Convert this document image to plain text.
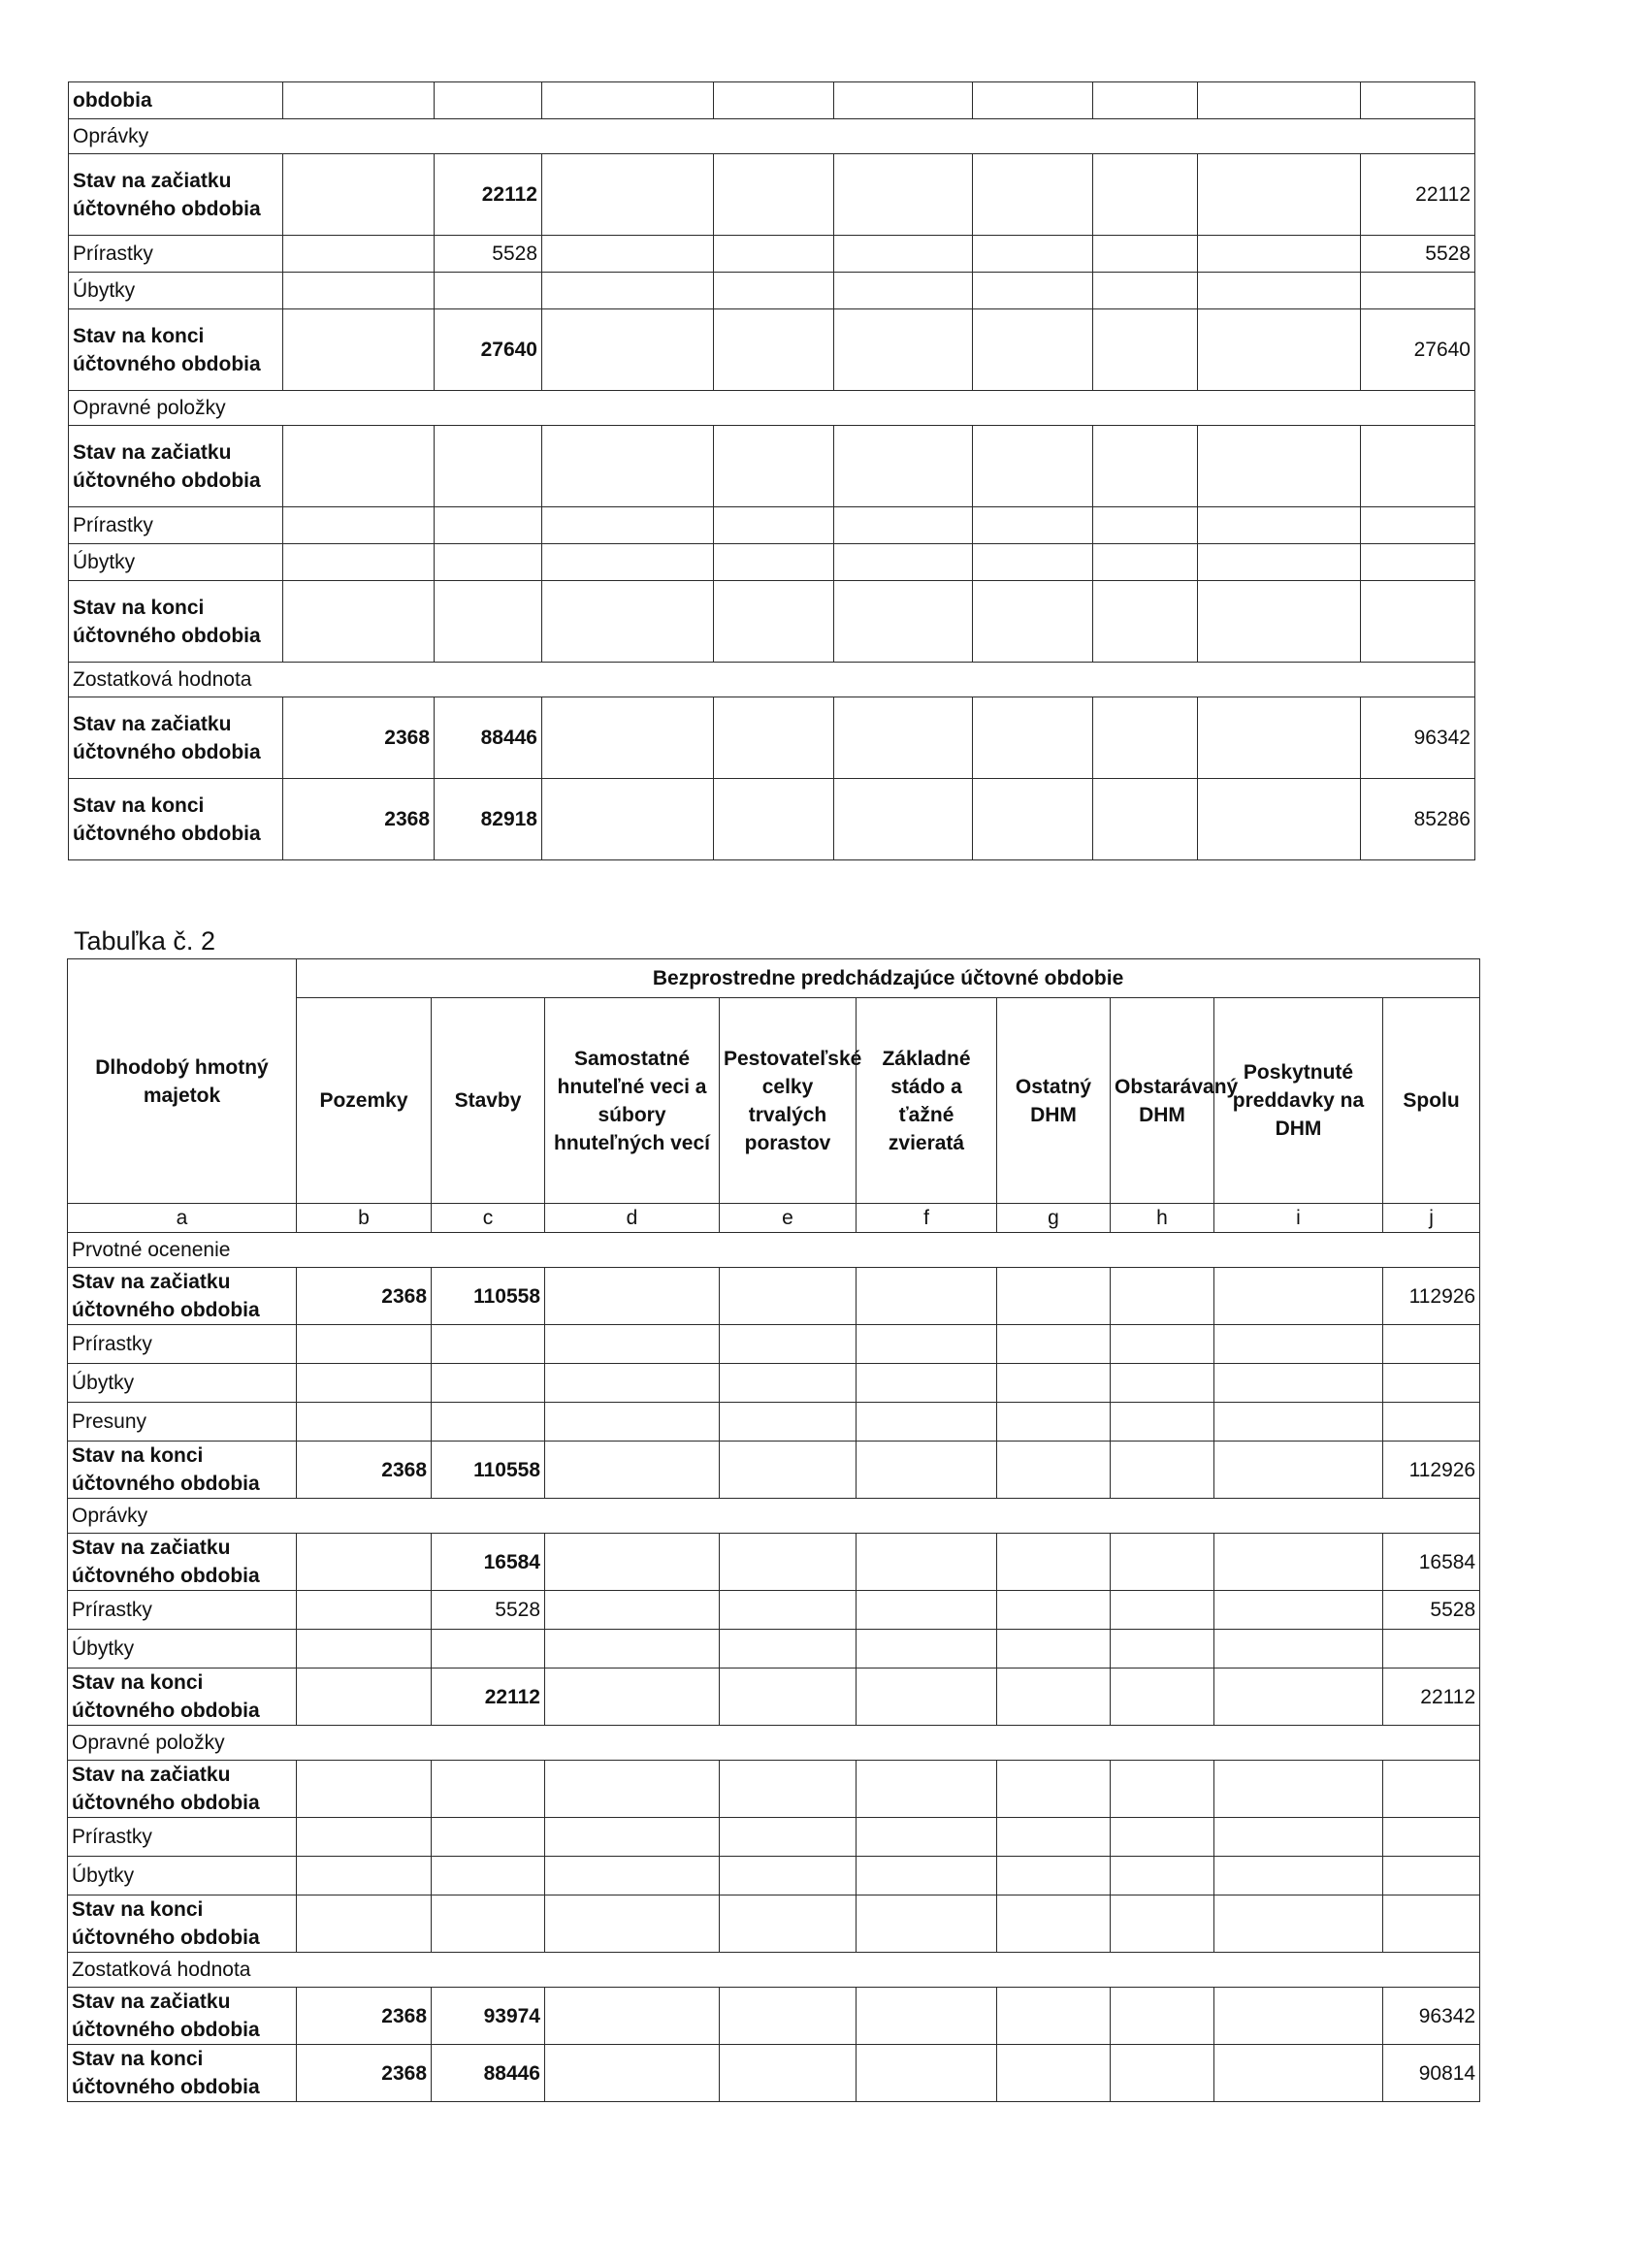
obdobia									
Oprávky									
Stav na začiatku účtovného obdobia		22112							22112
Prírastky		5528							5528
Úbytky									
Stav na konci účtovného obdobia		27640							27640
Opravné položky									
Stav na začiatku účtovného obdobia									
Prírastky									
Úbytky									
Stav na konci účtovného obdobia									
Zostatková hodnota									
Stav na začiatku účtovného obdobia	2368	88446							96342
Stav na konci účtovného obdobia	2368	82918							85286
Tabuľka č. 2
Dlhodobý hmotný majetok	Bezprostredne predchádzajúce účtovné obdobie								
	Pozemky	Stavby	Samostatné hnuteľné veci a súbory hnuteľných vecí	Pestovateľské celky trvalých porastov	Základné stádo a ťažné zvieratá	Ostatný DHM	Obstarávaný DHM	Poskytnuté preddavky na DHM	Spolu
a	b	c	d	e	f	g	h	i	j
Prvotné ocenenie									
Stav na začiatku účtovného obdobia	2368	110558							112926
Prírastky									
Úbytky									
Presuny									
Stav na konci účtovného obdobia	2368	110558							112926
Oprávky									
Stav na začiatku účtovného obdobia		16584							16584
Prírastky		5528							5528
Úbytky									
Stav na konci účtovného obdobia		22112							22112
Opravné položky									
Stav na začiatku účtovného obdobia									
Prírastky									
Úbytky									
Stav na konci účtovného obdobia									
Zostatková hodnota									
Stav na začiatku účtovného obdobia	2368	93974							96342
Stav na konci účtovného obdobia	2368	88446							90814
